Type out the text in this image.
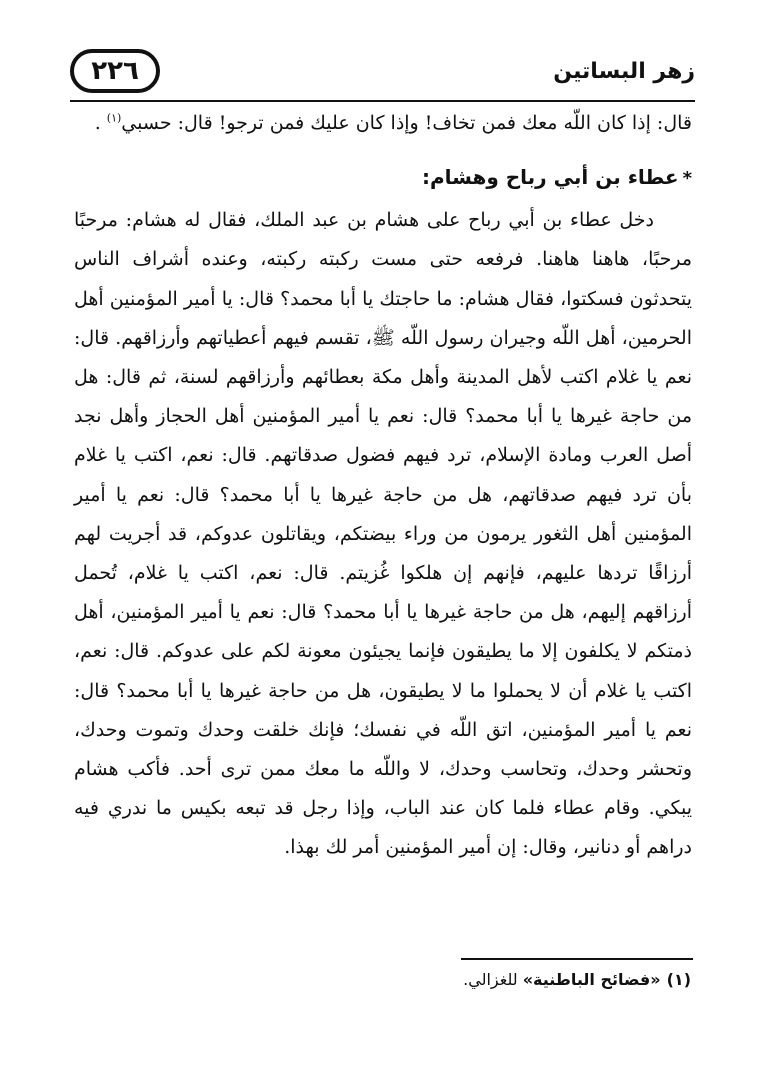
٢٢٦	زهر البساتين

قال: إذا كان اللّه معك فمن تخاف! وإذا كان عليك فمن ترجو! قال: حسبي$^{(١)}$ .

*عطاء بن أبي رباح وهشام:

دخل عطاء بن أبي رباح على هشام بن عبد الملك، فقال له هشام: مرحبًا مرحبًا، هاهنا هاهنا. فرفعه حتى مست ركبته ركبته، وعنده أشراف الناس يتحدثون فسكتوا، فقال هشام: ما حاجتك يا أبا محمد؟ قال: يا أمير المؤمنين أهل الحرمين، أهل اللّه وجيران رسول اللّه ﷺ، تقسم فيهم أعطياتهم وأرزاقهم. قال: نعم يا غلام اكتب لأهل المدينة وأهل مكة بعطائهم وأرزاقهم لسنة، ثم قال: هل من حاجة غيرها يا أبا محمد؟ قال: نعم يا أمير المؤمنين أهل الحجاز وأهل نجد أصل العرب ومادة الإسلام، ترد فيهم فضول صدقاتهم. قال: نعم، اكتب يا غلام بأن ترد فيهم صدقاتهم، هل من حاجة غيرها يا أبا محمد؟ قال: نعم يا أمير المؤمنين أهل الثغور يرمون من وراء بيضتكم، ويقاتلون عدوكم، قد أجريت لهم أرزاقًا تردها عليهم، فإنهم إن هلكوا غُزيتم. قال: نعم، اكتب يا غلام، تُحمل أرزاقهم إليهم، هل من حاجة غيرها يا أبا محمد؟ قال: نعم يا أمير المؤمنين، أهل ذمتكم لا يكلفون إلا ما يطيقون فإنما يجيئون معونة لكم على عدوكم. قال: نعم، اكتب يا غلام أن لا يحملوا ما لا يطيقون، هل من حاجة غيرها يا أبا محمد؟ قال: نعم يا أمير المؤمنين، اتق اللّه في نفسك؛ فإنك خلقت وحدك وتموت وحدك، وتحشر وحدك، وتحاسب وحدك، لا واللّه ما معك ممن ترى أحد. فأكب هشام يبكي. وقام عطاء فلما كان عند الباب، وإذا رجل قد تبعه بكيس ما ندري فيه دراهم أو دنانير، وقال: إن أمير المؤمنين أمر لك بهذا.

(١)«فضائح الباطنية» للغزالي.
